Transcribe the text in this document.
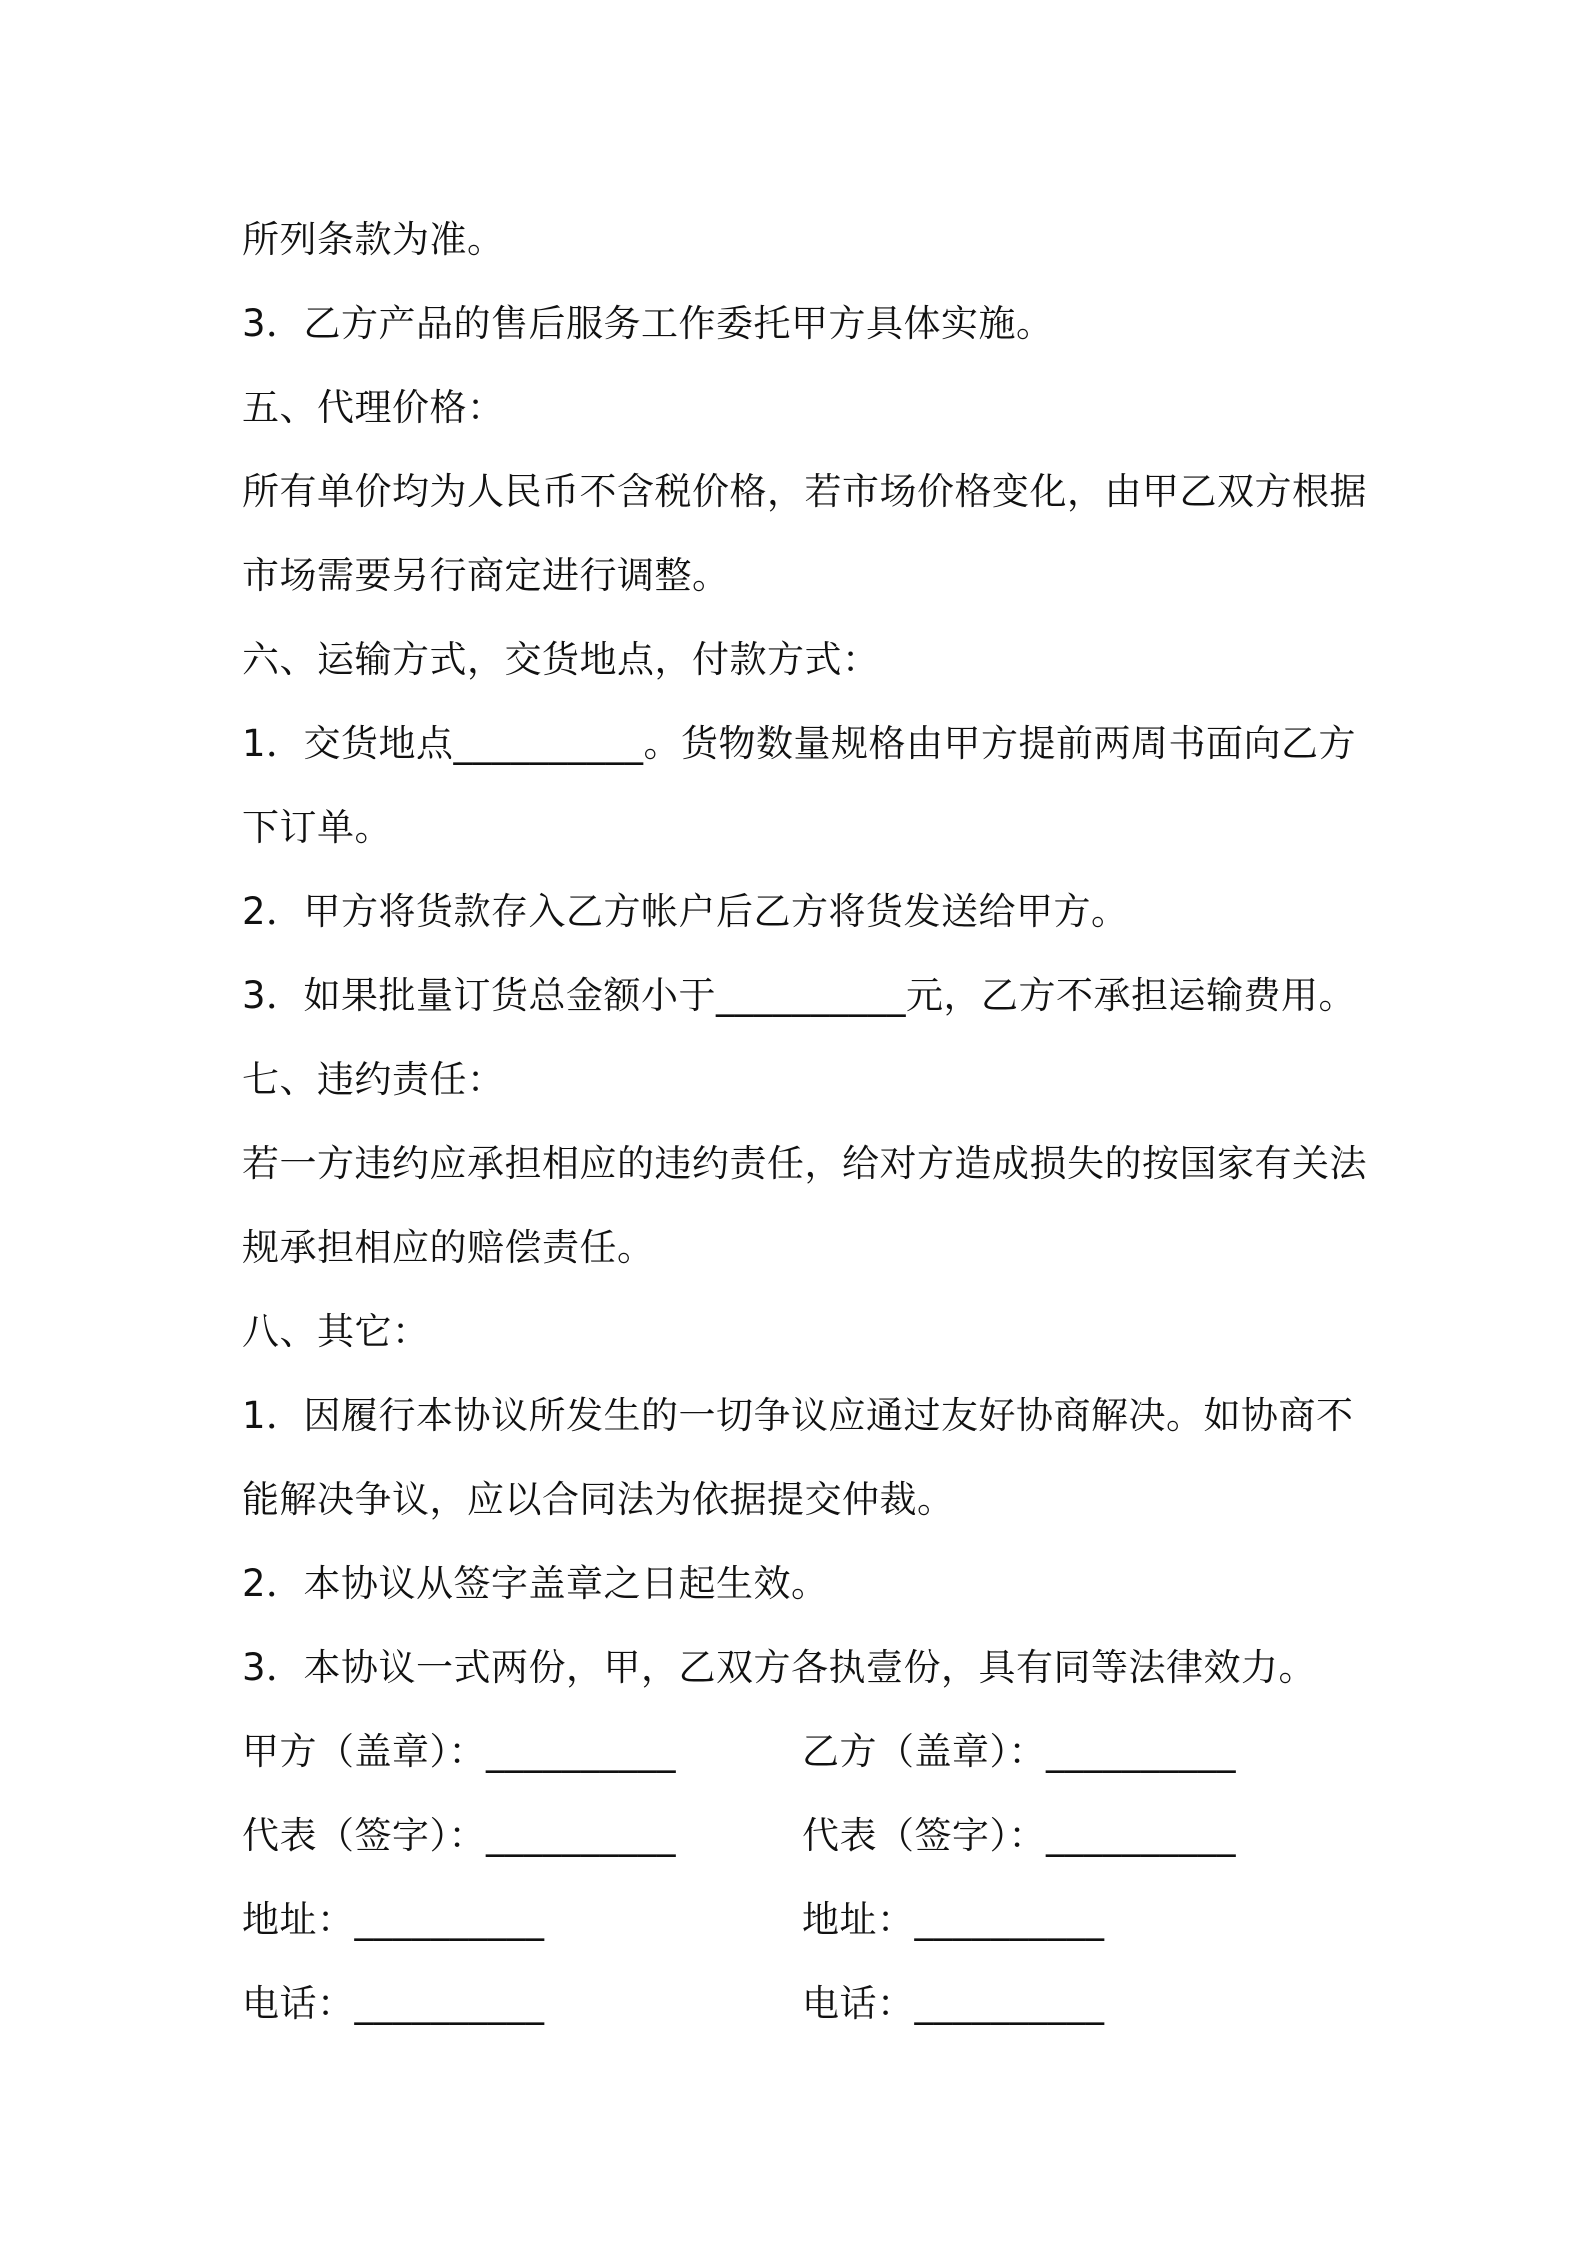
所列条款为准。
3．乙方产品的售后服务工作委托甲方具体实施。
五、代理价格：
所有单价均为人民币不含税价格，若市场价格变化，由甲乙双方根据
市场需要另行商定进行调整。
六、运输方式，交货地点，付款方式：
1．交货地点__________。货物数量规格由甲方提前两周书面向乙方
下订单。
2．甲方将货款存入乙方帐户后乙方将货发送给甲方。
3．如果批量订货总金额小于__________元，乙方不承担运输费用。
七、违约责任：
若一方违约应承担相应的违约责任，给对方造成损失的按国家有关法
规承担相应的赔偿责任。
八、其它：
1．因履行本协议所发生的一切争议应通过友好协商解决。如协商不
能解决争议，应以合同法为依据提交仲裁。
2．本协议从签字盖章之日起生效。
3．本协议一式两份，甲，乙双方各执壹份，具有同等法律效力。
甲方（盖章）：__________	乙方（盖章）：__________
代表（签字）：__________	代表（签字）：__________
地址：__________	地址：__________
电话：__________	电话：__________
